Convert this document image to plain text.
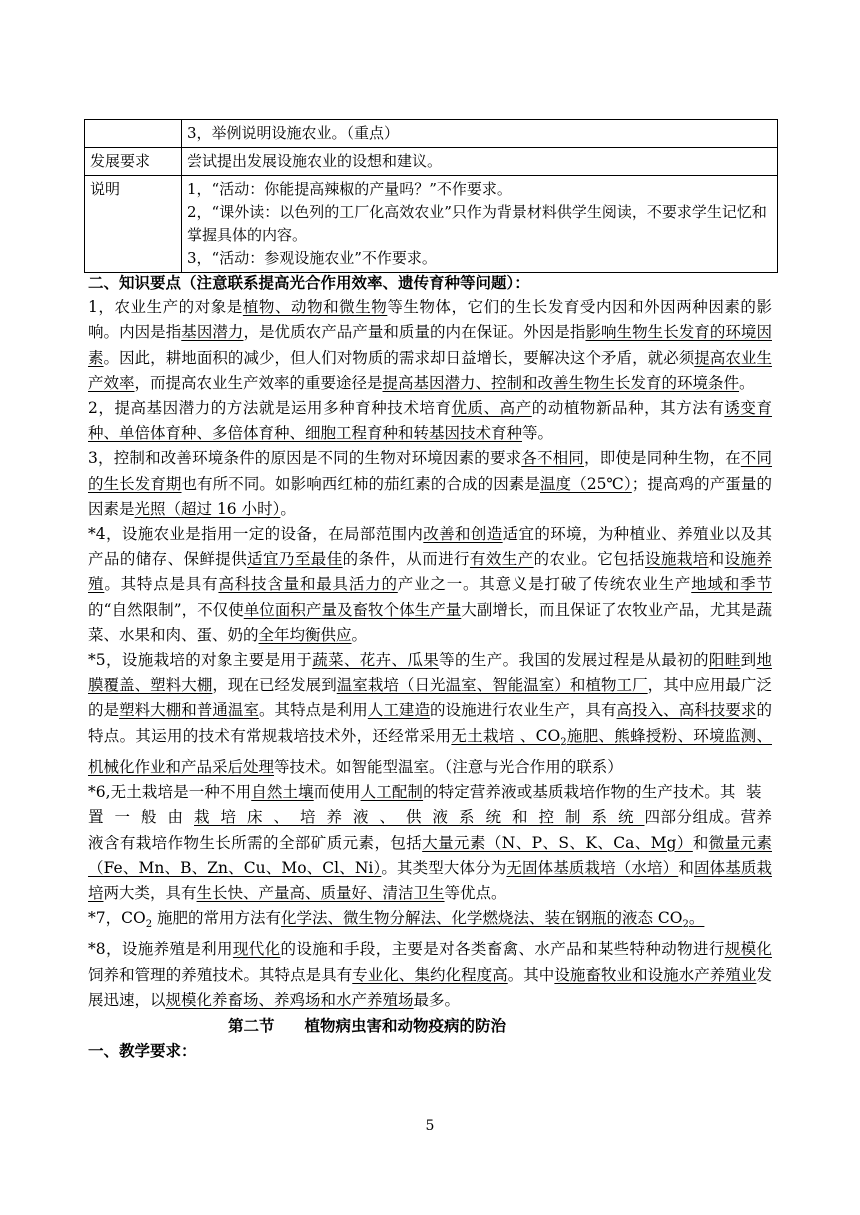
	3，举例说明设施农业。（重点）

发展要求	尝试提出发展设施农业的设想和建议。

说明	1，“活动：你能提高辣椒的产量吗？”不作要求。
2，“课外读：以色列的工厂化高效农业”只作为背景材料供学生阅读，不要求学生记忆和掌握具体的内容。
3，“活动：参观设施农业”不作要求。

二、知识要点（注意联系提高光合作用效率、遗传育种等问题）：

1，农业生产的对象是植物、动物和微生物等生物体，它们的生长发育受内因和外因两种因素的影响。内因是指基因潜力，是优质农产品产量和质量的内在保证。外因是指影响生物生长发育的环境因素。因此，耕地面积的减少，但人们对物质的需求却日益增长，要解决这个矛盾，就必须提高农业生产效率，而提高农业生产效率的重要途径是提高基因潜力、控制和改善生物生长发育的环境条件。

2，提高基因潜力的方法就是运用多种育种技术培育优质、高产的动植物新品种，其方法有诱变育种、单倍体育种、多倍体育种、细胞工程育种和转基因技术育种等。

3，控制和改善环境条件的原因是不同的生物对环境因素的要求各不相同，即使是同种生物，在不同的生长发育期也有所不同。如影响西红柿的茄红素的合成的因素是温度（25℃）；提高鸡的产蛋量的因素是光照（超过 16 小时）。

*4，设施农业是指用一定的设备，在局部范围内改善和创造适宜的环境，为种植业、养殖业以及其产品的储存、保鲜提供适宜乃至最佳的条件，从而进行有效生产的农业。它包括设施栽培和设施养殖。其特点是具有高科技含量和最具活力的产业之一。其意义是打破了传统农业生产地域和季节的“自然限制”，不仅使单位面积产量及畜牧个体生产量大副增长，而且保证了农牧业产品，尤其是蔬菜、水果和肉、蛋、奶的全年均衡供应。

*5，设施栽培的对象主要是用于蔬菜、花卉、瓜果等的生产。我国的发展过程是从最初的阳畦到地膜覆盖、塑料大棚，现在已经发展到温室栽培（日光温室、智能温室）和植物工厂，其中应用最广泛的是塑料大棚和普通温室。其特点是利用人工建造的设施进行农业生产，具有高投入、高科技要求的特点。其运用的技术有常规栽培技术外，还经常采用无土栽培 、$CO_2$施肥、熊蜂授粉、环境监测、机械化作业和产品采后处理等技术。如智能型温室。（注意与光合作用的联系）

*6,无土栽培是一种不用自然土壤而使用人工配制的特定营养液或基质栽培作物的生产技术。其装置一般由栽培床、培养液、供液系统和控制系统四部分组成。营养液含有栽培作物生长所需的全部矿质元素，包括大量元素（N、P、S、K、Ca、Mg）和微量元素（Fe、Mn、B、Zn、Cu、Mo、Cl、Ni）。其类型大体分为无固体基质栽培（水培）和固体基质栽培两大类，具有生长快、产量高、质量好、清洁卫生等优点。

*7，$CO_2$ 施肥的常用方法有化学法、微生物分解法、化学燃烧法、装在钢瓶的液态 $CO_2$。

*8，设施养殖是利用现代化的设施和手段，主要是对各类畜禽、水产品和某些特种动物进行规模化饲养和管理的养殖技术。其特点是具有专业化、集约化程度高。其中设施畜牧业和设施水产养殖业发展迅速，以规模化养畜场、养鸡场和水产养殖场最多。

第二节 植物病虫害和动物疫病的防治

一、教学要求：

5
